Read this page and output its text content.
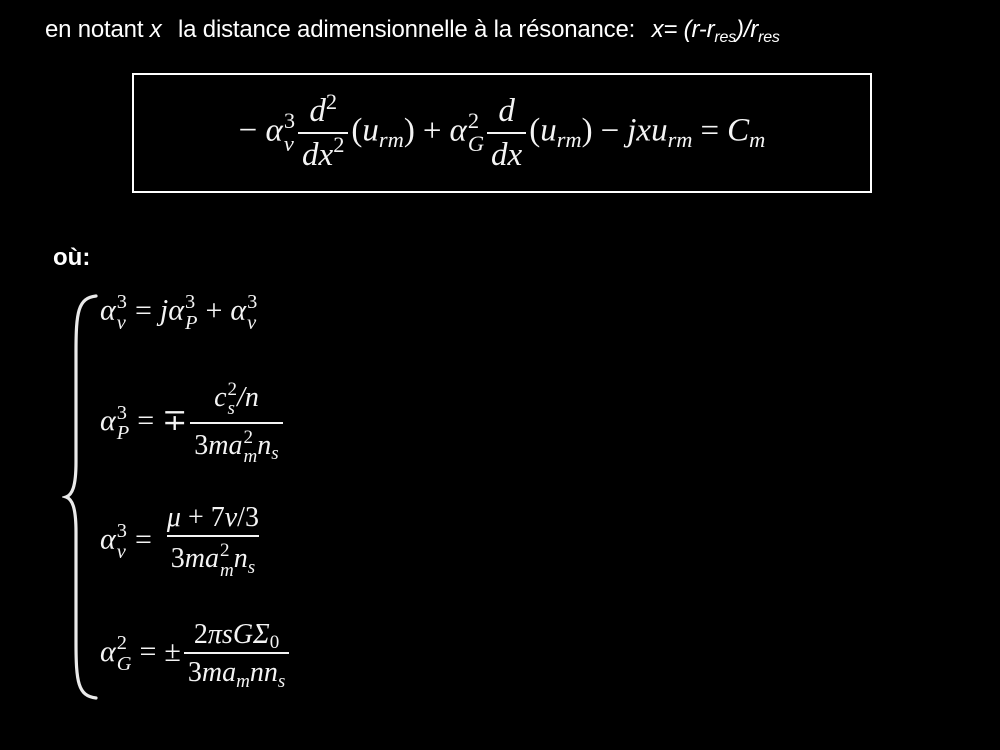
en notant x la distance adimensionnelle à la résonance: $x= (r-r_{res})/r_{res}$
− α 3
v $\frac{d2}{dx2} (urm) + \alpha$ 2
G $\frac{d}{dx} (urm)$ − jxurm = Cm
où:
α 3
v = jα 3
P + α 3
ν
α 3
P = ∓ c 2
s /n
3ma 2
m ns
α 3
ν = μ + 7ν/3
3ma 2
m ns
α 2
G = ± $\frac{\text{2πsGΣ0}}{\text{3mamnns}}$
